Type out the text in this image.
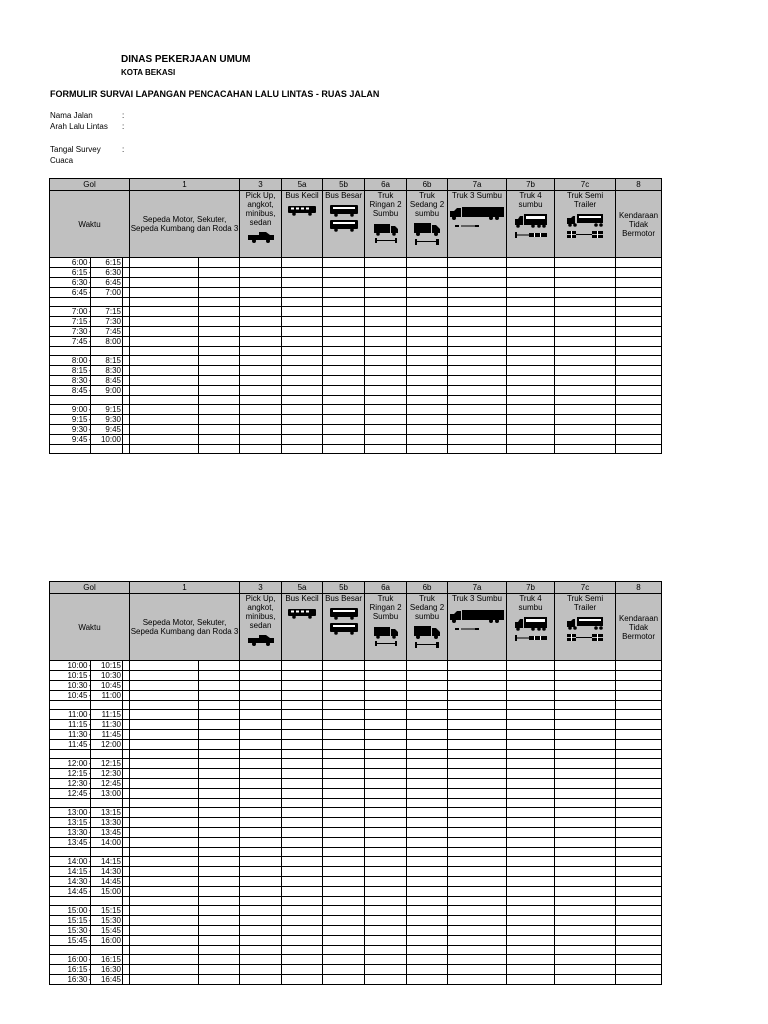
DINAS PEKERJAAN UMUM
KOTA BEKASI
FORMULIR SURVAI LAPANGAN PENCACAHAN LALU LINTAS - RUAS JALAN
Nama Jalan	:
Arah Lalu Lintas :
Tangal Survey	:
Cuaca
Gol				1		3	5a	5b	6a	6b	7a	7b	7c	8
Waktu				Sepeda Motor, Sekuter, Sepeda Kumbang dan Roda 3		Pick Up, angkot, minibus, sedan	Bus Kecil	Bus Besar	Truk Ringan 2 Sumbu	Truk Sedang 2 sumbu	Truk 3 Sumbu	Truk 4 sumbu	Truk Semi Trailer	Kendaraan Tidak Bermotor

6:00		6:15												
6:15		6:30												
6:30		6:45												
6:45		7:00												

7:00		7:15												
7:15		7:30												
7:30		7:45												
7:45		8:00												

8:00		8:15												
8:15		8:30												
8:30		8:45												
8:45		9:00												

9:00		9:15												
9:15		9:30												
9:30		9:45												
9:45		10:00												

Gol				1		3	5a	5b	6a	6b	7a	7b	7c	8
Waktu				Sepeda Motor, Sekuter, Sepeda Kumbang dan Roda 3		Pick Up, angkot, minibus, sedan	Bus Kecil	Bus Besar	Truk Ringan 2 Sumbu	Truk Sedang 2 sumbu	Truk 3 Sumbu	Truk 4 sumbu	Truk Semi Trailer	Kendaraan Tidak Bermotor

10:00		10:15												
10:15		10:30												
10:30		10:45												
10:45		11:00												

11:00		11:15												
11:15		11:30												
11:30		11:45												
11:45		12:00												

12:00		12:15												
12:15		12:30												
12:30		12:45												
12:45		13:00												

13:00		13:15												
13:15		13:30												
13:30		13:45												
13:45		14:00												

14:00		14:15												
14:15		14:30												
14:30		14:45												
14:45		15:00												

15:00		15:15												
15:15		15:30												
15:30		15:45												
15:45		16:00												

16:00		16:15												
16:15		16:30												
16:30		16:45												
